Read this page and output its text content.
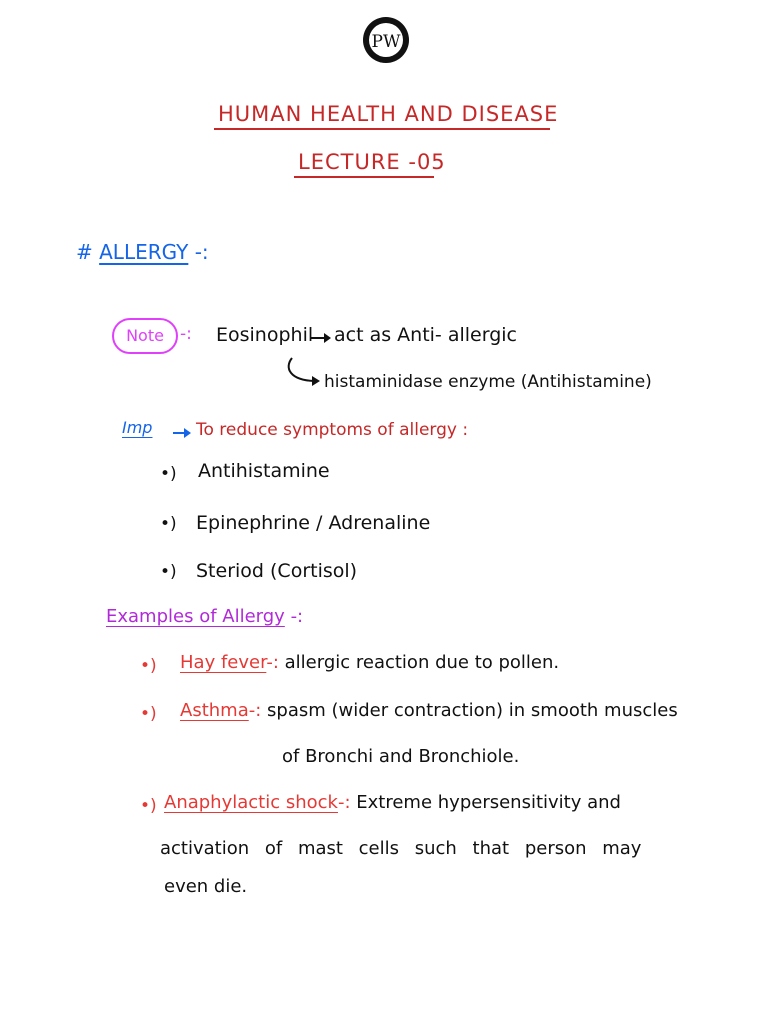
PW
HUMAN HEALTH AND DISEASE
LECTURE -05
# ALLERGY -:
Note -: Eosinophil act as Anti- allergic
histaminidase enzyme (Antihistamine)
Imp	To reduce symptoms of allergy :
•) Antihistamine
•) Epinephrine / Adrenaline
•) Steriod (Cortisol)
Examples of Allergy -:
•) Hay fever-: allergic reaction due to pollen.
•) Asthma-: spasm (wider contraction) in smooth muscles
of Bronchi and Bronchiole.
•) Anaphylactic shock-: Extreme hypersensitivity and
activation of mast cells such that person may
even die.
